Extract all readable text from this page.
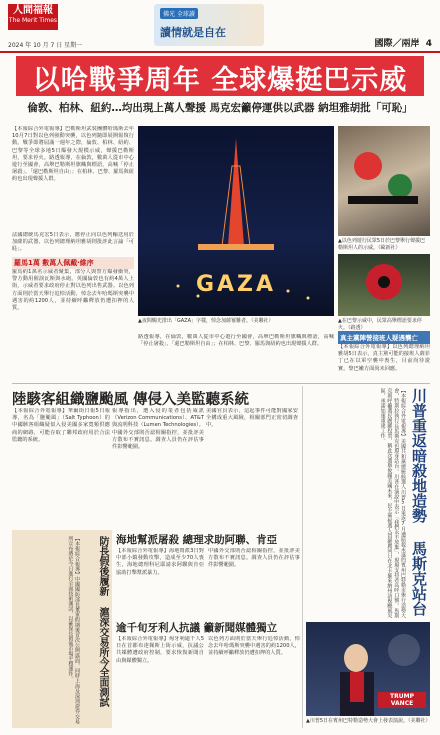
人間福報
The Merit Times
2024 年 10 月 7 日 星期一
佛光 全球讀
讀情就是自在
國際／兩岸 4
以哈戰爭周年 全球爆挺巴示威
倫敦、柏林、紐約…均出現上萬人聲援 馬克宏籲停運供以武器 納坦雅胡批「可恥」
【本報綜合外電報導】巴勒斯坦武裝團體哈瑪斯去年10月7日對以色列發動突襲，以色列隨即展開報復行動。戰爭即將屆滿一週年之際，倫敦、柏林、紐約、巴黎等全球多地5日爆發大規模示威，聲援巴勒斯坦，要求停火。路透報導，在倫敦，數萬人從市中心遊行至國會，高舉巴勒斯坦旗幟與標語，高喊「停止屠殺」、「還巴勒斯坦自由」；在柏林、巴黎、羅馬與紐約也出現聲援人群。
法國總統馬克宏5日表示，應停止向以色列輸送用於加薩的武器，以色列總理納坦雅胡則批評此言論「可恥」。
羅馬1萬 數萬人佩戴‧維序
羅馬約1萬名示威者聚集，部分人與警方爆發衝突，警方動用催淚瓦斯與水砲。英國倫敦也有約4萬人上街，示威者要求政府停止對以色列出售武器。以色列方面則於當天舉行追悼活動，悼念去年哈瑪斯突襲中遇害的約1200人，並持續呼籲釋放仍遭扣押的人質。
GAZA
▲夜間燭光排出「GAZA」字樣，悼念加薩罹難者。（美聯社）
▲以色列遊行民眾5日於巴黎舉行聲援巴勒斯坦人的示威。（歐新社）
▲在巴黎示威中，民眾高舉標語要求停火。（路透）
真主黨陣營接班人疑遇襲亡
【本報綜合外電報導】以色列總理納坦雅胡5日表示，真主黨可能的接班人薩菲丁已在以軍空襲中喪生，目前尚待證實。黎巴嫩方面尚未回應。
路透報導，在倫敦，數萬人從市中心遊行至國會，高舉巴勒斯坦旗幟與標語，高喊「停止屠殺」、「還巴勒斯坦自由」；在柏林、巴黎、羅馬與紐約也出現聲援人群。
陸駭客組織鹽颱風 傳侵入美監聽系統
【本報綜合外電報導】華爾街日報5日報導，名為「鹽颱風」（Salt Typhoon）的中國駭客組織疑似入侵美國多家寬頻供應商的網路，可能存取了聯邦政府用於合法監聽的系統。
報導指出，遭入侵的業者包括威訊（Verizon Communications）、AT&T與流明科技（Lumen Technologies）。中國外交部則否認相關指控，並批評美方散布不實訊息。調查人員仍在評估事件影響範圍。
美國官員表示，這起事件可能對國家安全構成重大風險，相關部門正密切調查中。
防長假後履新 滬深交易所今全面測試
【本報綜合報導】中國國防部長董軍假期後首次公開露面，同時上海及深圳證券交易所宣布將於今日進行全面技術測試，以確保長假後市場平穩運作。	海地幫派屠殺 總理求助阿聯、肯亞
【本報綜合外電報導】海地幫派3日對中部小鎮發動攻擊，造成至少70人喪生，海地總理科尼耶請求阿聯與肯亞協助打擊幫派暴力。
中國外交部則否認相關指控，並批評美方散布不實訊息。調查人員仍在評估事件影響範圍。
逾千旬牙利人抗議 籲新聞媒體獨立
【本報綜合外電報導】匈牙利逾千人5日在首都布達佩斯上街示威，抗議公共媒體遭政府控制，要求恢復新聞自由與媒體獨立。
以色列方面則於當天舉行追悼活動，悼念去年哈瑪斯突襲中遇害的約1200人，並持續呼籲釋放仍遭扣押的人質。
川普重返暗殺地造勢 馬斯克站台
【本報綜合外電報導】美國共和黨總統候選人川普5日重返7月遭暗殺未遂的賓州巴特勒市舉行造勢大會，特斯拉執行長馬斯克也現身站台。川普在演說中表示「我們永不放棄」，現場支持者高呼口號。馬斯克則呼籲選民踴躍投票，稱此次選舉攸關美國未來。民主黨候選人賀錦麗同日在北卡羅來納州訪視颶風災區，承諾加速重建工作。
TRUMP VANCE
▲川普5日在賓州巴特勒造勢大會上發表演說。（美聯社）
